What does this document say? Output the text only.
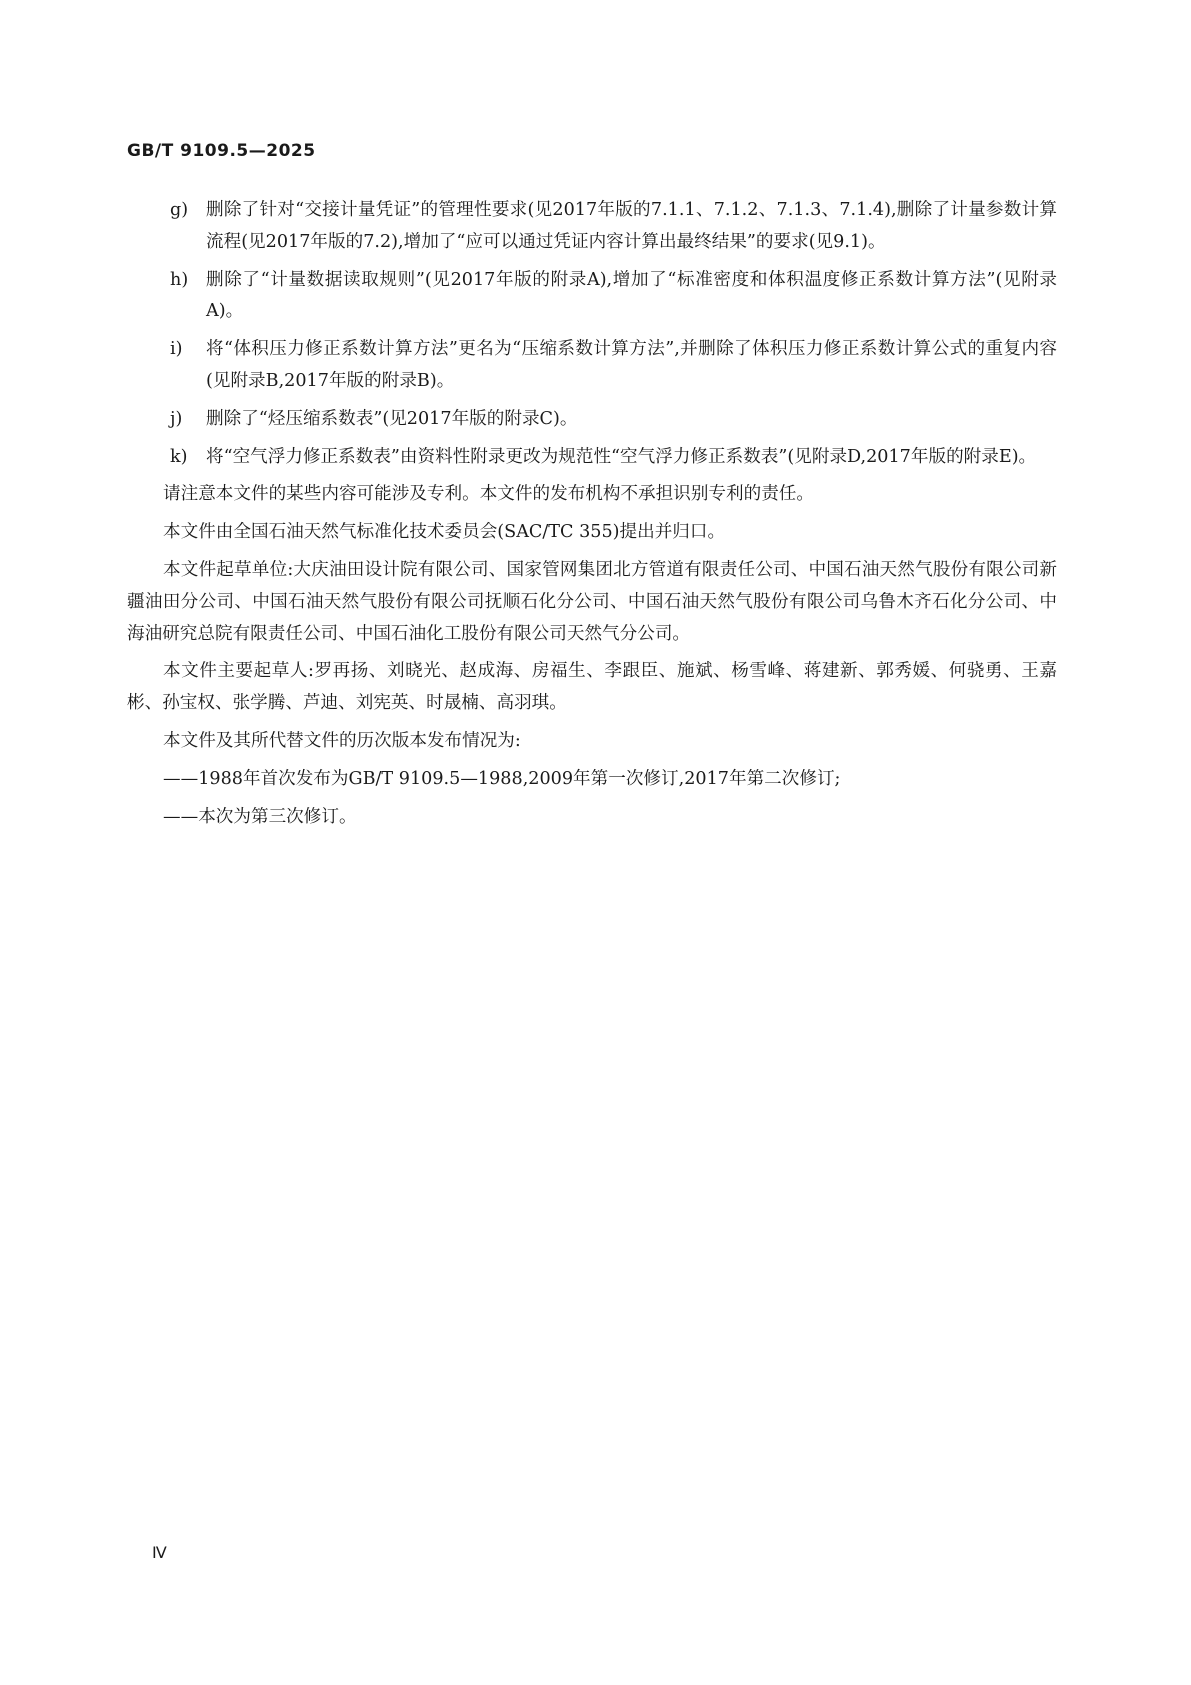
GB/T 9109.5—2025
g)	删除了针对“交接计量凭证”的管理性要求(见2017年版的7.1.1、7.1.2、7.1.3、7.1.4),删除了计量参数计算流程(见2017年版的7.2),增加了“应可以通过凭证内容计算出最终结果”的要求(见9.1)。
h)	删除了“计量数据读取规则”(见2017年版的附录A),增加了“标准密度和体积温度修正系数计算方法”(见附录A)。
i)	将“体积压力修正系数计算方法”更名为“压缩系数计算方法”,并删除了体积压力修正系数计算公式的重复内容(见附录B,2017年版的附录B)。
j)	删除了“烃压缩系数表”(见2017年版的附录C)。
k)	将“空气浮力修正系数表”由资料性附录更改为规范性“空气浮力修正系数表”(见附录D,2017年版的附录E)。

请注意本文件的某些内容可能涉及专利。本文件的发布机构不承担识别专利的责任。

本文件由全国石油天然气标准化技术委员会(SAC/TC 355)提出并归口。

本文件起草单位:大庆油田设计院有限公司、国家管网集团北方管道有限责任公司、中国石油天然气股份有限公司新疆油田分公司、中国石油天然气股份有限公司抚顺石化分公司、中国石油天然气股份有限公司乌鲁木齐石化分公司、中海油研究总院有限责任公司、中国石油化工股份有限公司天然气分公司。

本文件主要起草人:罗再扬、刘晓光、赵成海、房福生、李跟臣、施斌、杨雪峰、蒋建新、郭秀媛、何骁勇、王嘉彬、孙宝权、张学腾、芦迪、刘宪英、时晟楠、高羽琪。

本文件及其所代替文件的历次版本发布情况为:

——1988年首次发布为GB/T 9109.5—1988,2009年第一次修订,2017年第二次修订;

——本次为第三次修订。

Ⅳ
